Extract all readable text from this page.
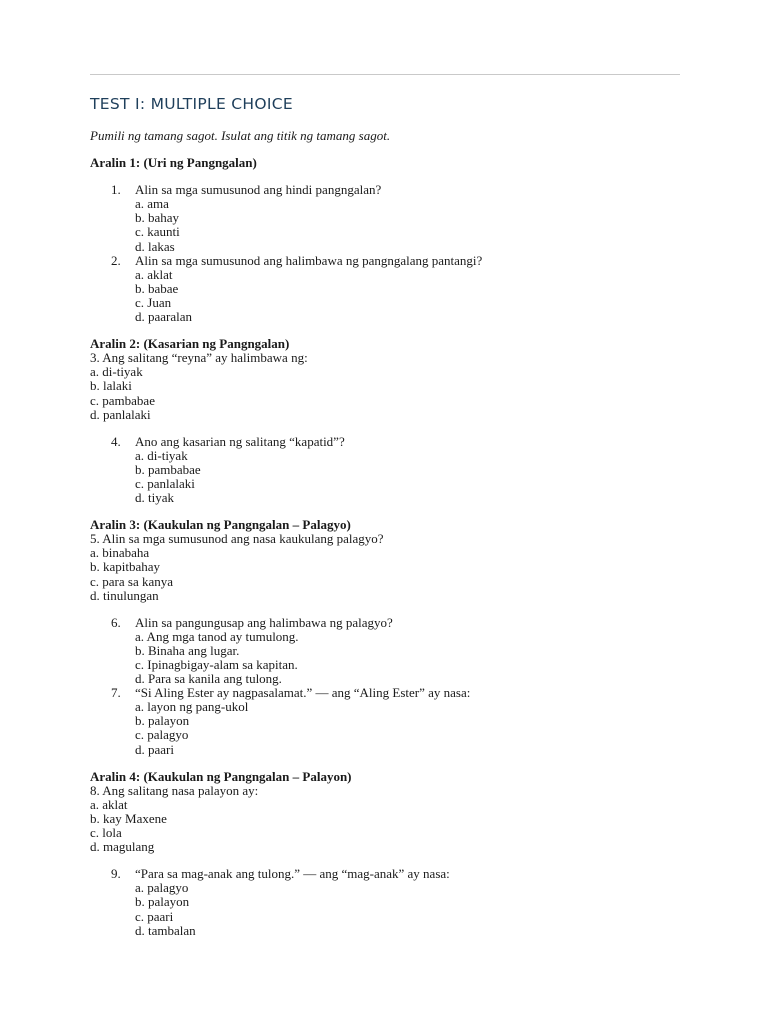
TEST I: MULTIPLE CHOICE

Pumili ng tamang sagot. Isulat ang titik ng tamang sagot.

Aralin 1: (Uri ng Pangngalan)
1. Alin sa mga sumusunod ang hindi pangngalan?
a. ama
b. bahay
c. kaunti
d. lakas
2. Alin sa mga sumusunod ang halimbawa ng pangngalang pantangi?
a. aklat
b. babae
c. Juan
d. paaralan
Aralin 2: (Kasarian ng Pangngalan)
3. Ang salitang “reyna” ay halimbawa ng:
a. di-tiyak
b. lalaki
c. pambabae
d. panlalaki
4. Ano ang kasarian ng salitang “kapatid”?
a. di-tiyak
b. pambabae
c. panlalaki
d. tiyak
Aralin 3: (Kaukulan ng Pangngalan – Palagyo)
5. Alin sa mga sumusunod ang nasa kaukulang palagyo?
a. binabaha
b. kapitbahay
c. para sa kanya
d. tinulungan
6. Alin sa pangungusap ang halimbawa ng palagyo?
a. Ang mga tanod ay tumulong.
b. Binaha ang lugar.
c. Ipinagbigay-alam sa kapitan.
d. Para sa kanila ang tulong.
7. “Si Aling Ester ay nagpasalamat.” — ang “Aling Ester” ay nasa:
a. layon ng pang-ukol
b. palayon
c. palagyo
d. paari
Aralin 4: (Kaukulan ng Pangngalan – Palayon)
8. Ang salitang nasa palayon ay:
a. aklat
b. kay Maxene
c. lola
d. magulang
9. “Para sa mag-anak ang tulong.” — ang “mag-anak” ay nasa:
a. palagyo
b. palayon
c. paari
d. tambalan
